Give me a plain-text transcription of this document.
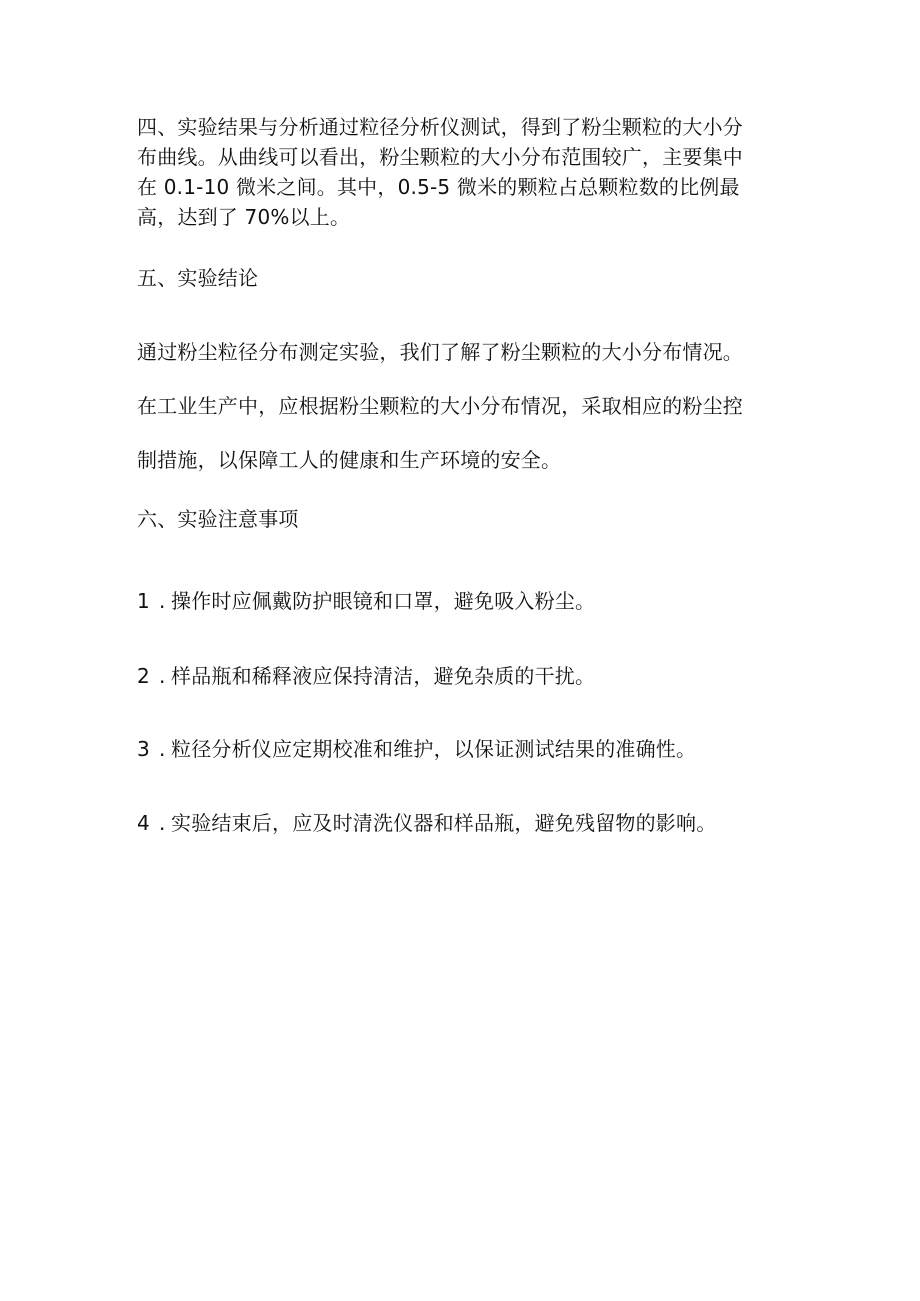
四、实验结果与分析通过粒径分析仪测试，得到了粉尘颗粒的大小分
布曲线。从曲线可以看出，粉尘颗粒的大小分布范围较广，主要集中
在 0.1-10 微米之间。其中，0.5-5 微米的颗粒占总颗粒数的比例最
高，达到了 70%以上。
五、实验结论
通过粉尘粒径分布测定实验，我们了解了粉尘颗粒的大小分布情况。
在工业生产中，应根据粉尘颗粒的大小分布情况，采取相应的粉尘控
制措施，以保障工人的健康和生产环境的安全。
六、实验注意事项
1 . 操作时应佩戴防护眼镜和口罩，避免吸入粉尘。
2 . 样品瓶和稀释液应保持清洁，避免杂质的干扰。
3 . 粒径分析仪应定期校准和维护，以保证测试结果的准确性。
4 . 实验结束后，应及时清洗仪器和样品瓶，避免残留物的影响。
